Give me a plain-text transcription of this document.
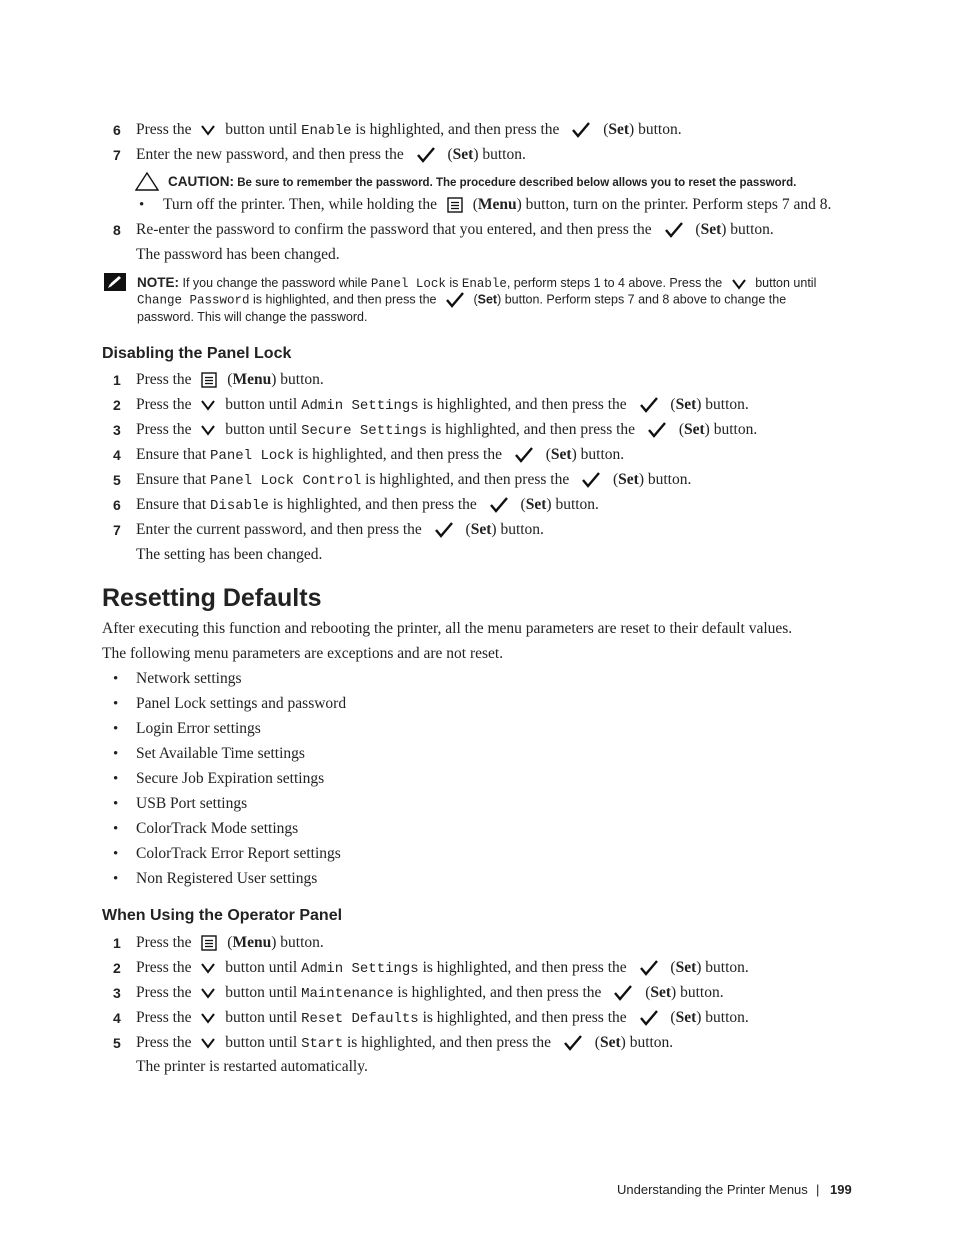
6 Press the button until Enable is highlighted, and then press the	(Set) button.
7 Enter the new password, and then press the	(Set) button.
CAUTION: Be sure to remember the password. The procedure described below allows you to reset the password.
• Turn off the printer. Then, while holding the  (Menu) button, turn on the printer. Perform steps 7 and 8.
8 Re-enter the password to confirm the password that you entered, and then press the	(Set) button.
The password has been changed.
NOTE: If you change the password while Panel Lock is Enable, perform steps 1 to 4 above. Press the	button until
Change Password is highlighted, and then press the	(Set) button. Perform steps 7 and 8 above to change the
password. This will change the password.
Disabling the Panel Lock
1 Press the  (Menu) button.
2 Press the button until Admin Settings is highlighted, and then press the	(Set) button.
3 Press the button until Secure Settings is highlighted, and then press the	(Set) button.
4 Ensure that Panel Lock is highlighted, and then press the	(Set) button.
5 Ensure that Panel Lock Control is highlighted, and then press the	(Set) button.
6 Ensure that Disable is highlighted, and then press the	(Set) button.
7 Enter the current password, and then press the	(Set) button.
The setting has been changed.
Resetting Defaults
After executing this function and rebooting the printer, all the menu parameters are reset to their default values.
The following menu parameters are exceptions and are not reset.
• Network settings
• Panel Lock settings and password
• Login Error settings
• Set Available Time settings
• Secure Job Expiration settings
• USB Port settings
• ColorTrack Mode settings
• ColorTrack Error Report settings
• Non Registered User settings
When Using the Operator Panel
1 Press the  (Menu) button.
2 Press the button until Admin Settings is highlighted, and then press the	(Set) button.
3 Press the button until Maintenance is highlighted, and then press the	(Set) button.
4 Press the button until Reset Defaults is highlighted, and then press the	(Set) button.
5 Press the button until Start is highlighted, and then press the	(Set) button.
The printer is restarted automatically.
Understanding the Printer Menus | 199
